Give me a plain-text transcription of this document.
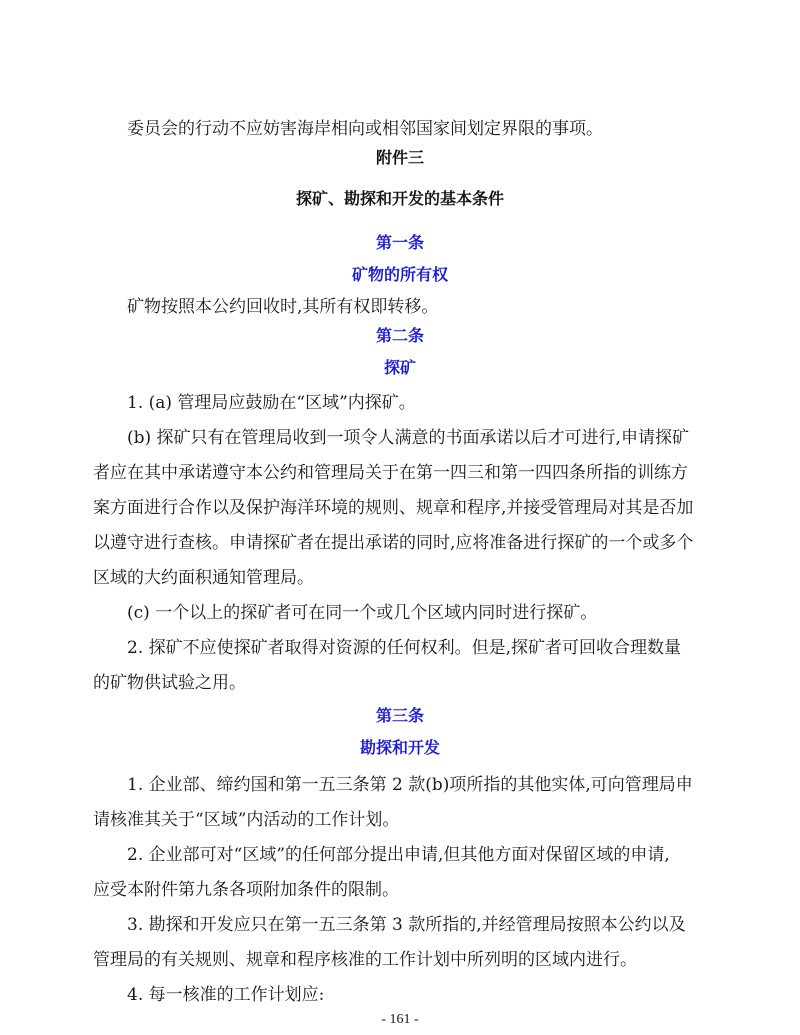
委员会的行动不应妨害海岸相向或相邻国家间划定界限的事项。
附件三
探矿、勘探和开发的基本条件
第一条
矿物的所有权
矿物按照本公约回收时,其所有权即转移。
第二条
探矿
1. (a) 管理局应鼓励在“区域”内探矿。
(b) 探矿只有在管理局收到一项令人满意的书面承诺以后才可进行,申请探矿
者应在其中承诺遵守本公约和管理局关于在第一四三和第一四四条所指的训练方
案方面进行合作以及保护海洋环境的规则、规章和程序,并接受管理局对其是否加
以遵守进行查核。申请探矿者在提出承诺的同时,应将准备进行探矿的一个或多个
区域的大约面积通知管理局。
(c) 一个以上的探矿者可在同一个或几个区域内同时进行探矿。
2. 探矿不应使探矿者取得对资源的任何权利。但是,探矿者可回收合理数量
的矿物供试验之用。
第三条
勘探和开发
1. 企业部、缔约国和第一五三条第 2 款(b)项所指的其他实体,可向管理局申
请核准其关于“区域”内活动的工作计划。
2. 企业部可对“区域”的任何部分提出申请,但其他方面对保留区域的申请,
应受本附件第九条各项附加条件的限制。
3. 勘探和开发应只在第一五三条第 3 款所指的,并经管理局按照本公约以及
管理局的有关规则、规章和程序核准的工作计划中所列明的区域内进行。
4. 每一核准的工作计划应:
- 161 -
